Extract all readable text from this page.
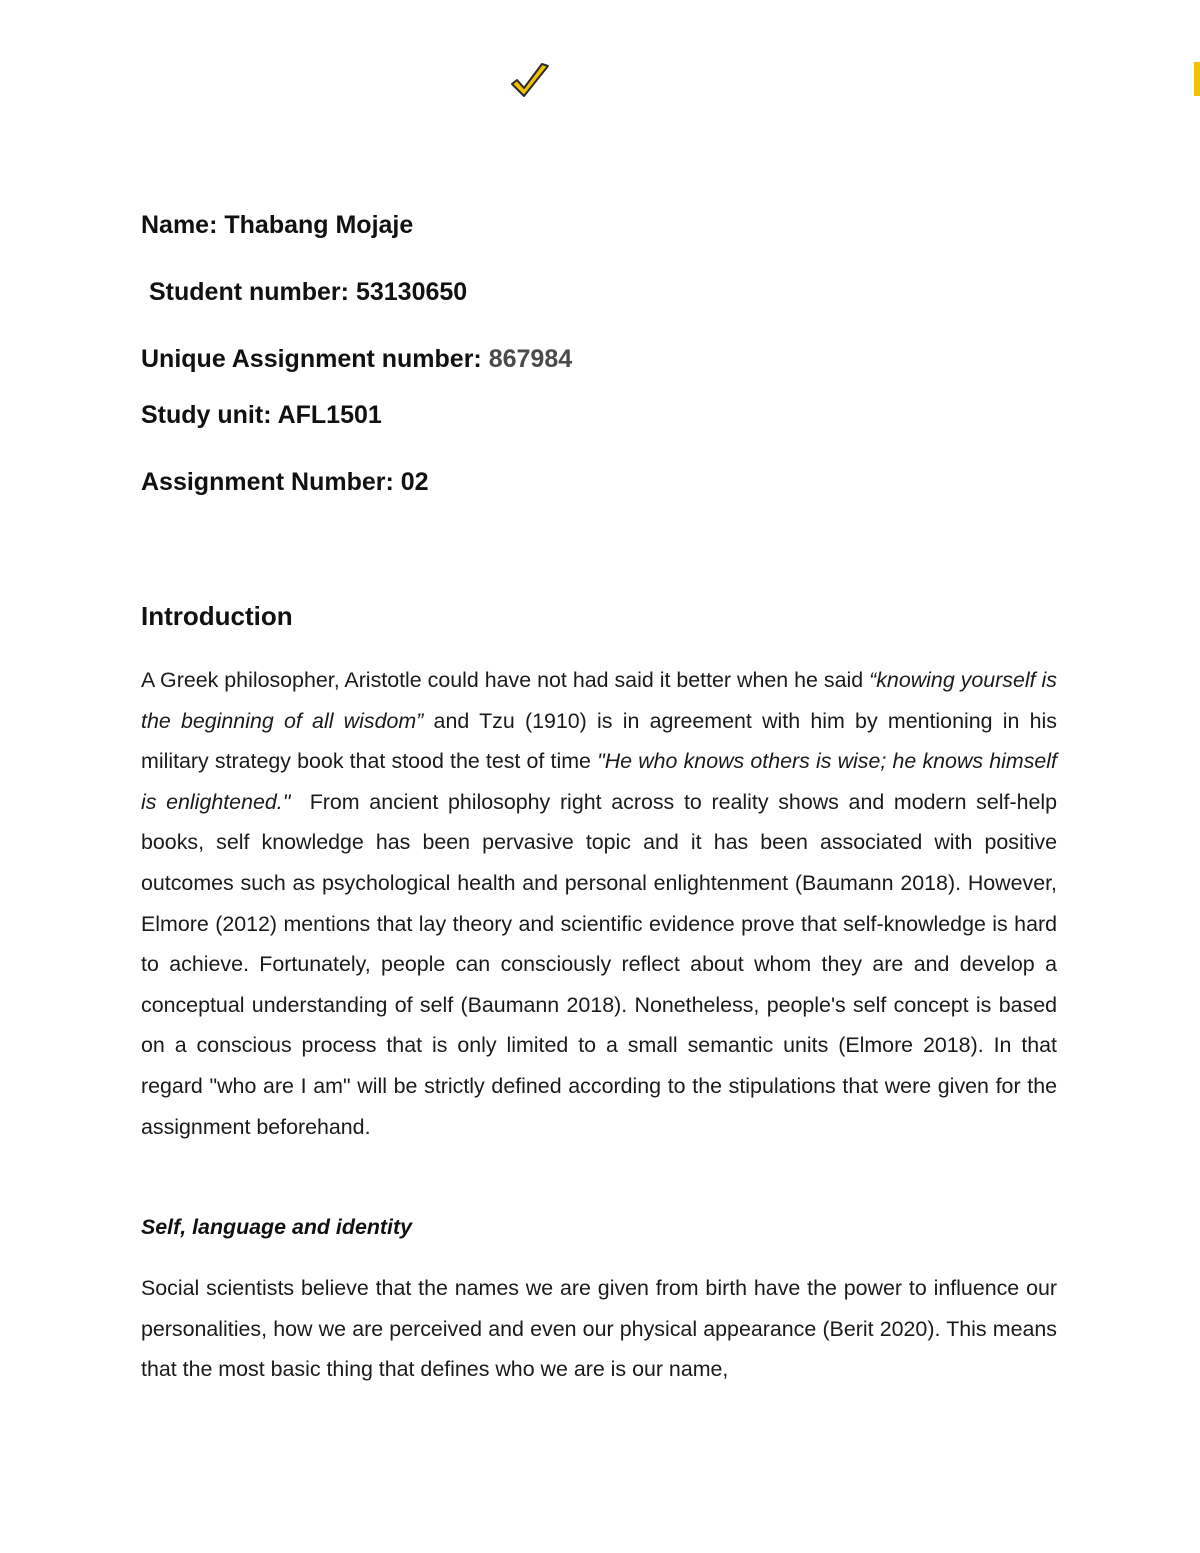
Name: Thabang Mojaje
Student number: 53130650
Unique Assignment number: 867984
Study unit: AFL1501
Assignment Number: 02
Introduction

A Greek philosopher, Aristotle could have not had said it better when he said “knowing yourself is the beginning of all wisdom” and Tzu (1910) is in agreement with him by mentioning in his military strategy book that stood the test of time "He who knows others is wise; he knows himself is enlightened."  From ancient philosophy right across to reality shows and modern self-help books, self knowledge has been pervasive topic and it has been associated with positive outcomes such as psychological health and personal enlightenment (Baumann 2018). However, Elmore (2012) mentions that lay theory and scientific evidence prove that self-knowledge is hard to achieve. Fortunately, people can consciously reflect about whom they are and develop a conceptual understanding of self (Baumann 2018). Nonetheless, people's self concept is based on a conscious process that is only limited to a small semantic units (Elmore 2018). In that regard "who are I am" will be strictly defined according to the stipulations that were given for the assignment beforehand.

Self, language and identity

Social scientists believe that the names we are given from birth have the power to influence our personalities, how we are perceived and even our physical appearance (Berit 2020). This means that the most basic thing that defines who we are is our name,
